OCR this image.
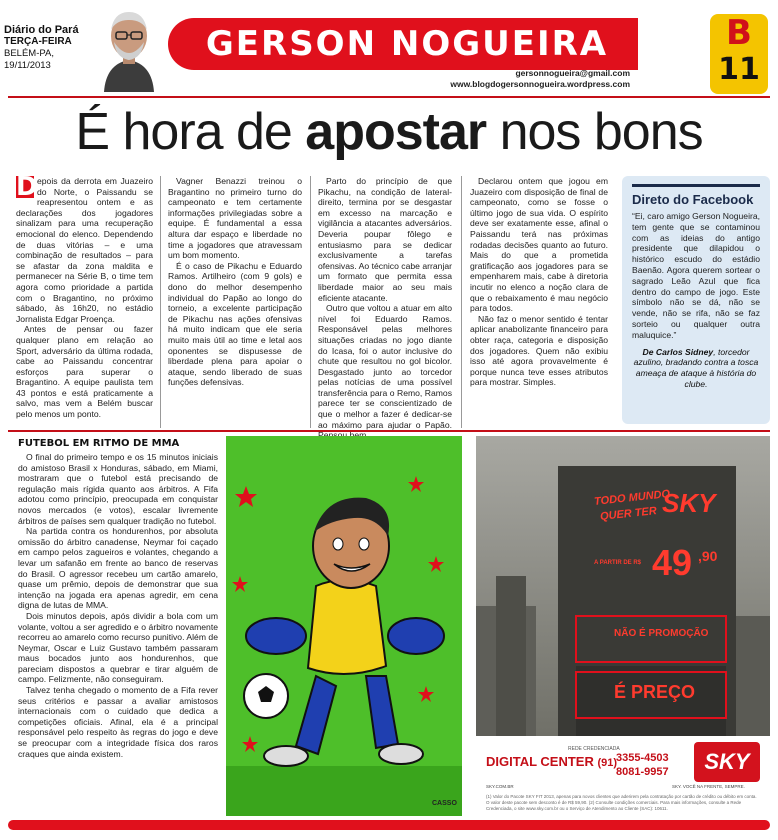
Diário do Pará
TERÇA-FEIRA
BELÉM-PA,
19/11/2013
GERSON NOGUEIRA
gersonnogueira@gmail.com
www.blogdogersonnogueira.wordpress.com
B
11
É hora de apostar nos bons

D epois da derrota em Juazeiro do Norte, o Paissandu se reapresentou ontem e as declarações dos jogadores sinalizam para uma recuperação emocional do elenco. Dependendo de duas vitórias – e uma combinação de resultados – para se afastar da zona maldita e permanecer na Série B, o time tem agora como prioridade a partida com o Bragantino, no próximo sábado, às 16h20, no estádio Jornalista Edgar Proença.

Antes de pensar ou fazer qualquer plano em relação ao Sport, adversário da última rodada, cabe ao Paissandu concentrar esforços para superar o Bragantino. A equipe paulista tem 43 pontos e está praticamente a salvo, mas vem a Belém buscar pelo menos um ponto.

Vagner Benazzi treinou o Bragantino no primeiro turno do campeonato e tem certamente informações privilegiadas sobre a equipe. É fundamental a essa altura dar espaço e liberdade no time a jogadores que atravessam um bom momento.

É o caso de Pikachu e Eduardo Ramos. Artilheiro (com 9 gols) e dono do melhor desempenho individual do Papão ao longo do torneio, a excelente participação de Pikachu nas ações ofensivas há muito indicam que ele seria muito mais útil ao time e letal aos oponentes se dispusesse de liberdade plena para apoiar o ataque, sendo liberado de suas funções defensivas.

Parto do princípio de que Pikachu, na condição de lateral-direito, termina por se desgastar em excesso na marcação e vigilância a atacantes adversários. Deveria poupar fôlego e entusiasmo para se dedicar exclusivamente a tarefas ofensivas. Ao técnico cabe arranjar um formato que permita essa liberdade maior ao seu mais eficiente atacante.

Outro que voltou a atuar em alto nível foi Eduardo Ramos. Responsável pelas melhores situações criadas no jogo diante do Icasa, foi o autor inclusive do chute que resultou no gol bicolor. Desgastado junto ao torcedor pelas notícias de uma possível transferência para o Remo, Ramos parece ter se conscientizado de que o melhor a fazer é dedicar-se ao máximo para ajudar o Papão.

Declarou ontem que jogou em Juazeiro com disposição de final de campeonato, como se fosse o último jogo de sua vida. O espírito deve ser exatamente esse, afinal o Paissandu terá nas próximas rodadas decisões quanto ao futuro. Mais do que a prometida gratificação aos jogadores para se empenharem mais, cabe à diretoria incutir no elenco a noção clara de que o rebaixamento é mau negócio para todos.

Não faz o menor sentido é tentar aplicar anabolizante financeiro para obter raça, categoria e disposição dos jogadores. Quem não exibiu isso até agora provavelmente é porque nunca teve esses atributos para mostrar. Simples.

Direto do Facebook
“Ei, caro amigo Gerson Nogueira, tem gente que se contaminou com as ideias do antigo presidente que dilapidou o histórico escudo do estádio Baenão. Agora querem sortear o sagrado Leão Azul que fica dentro do campo de jogo. Este símbolo não se dá, não se vende, não se rifa, não se faz sorteio ou qualquer outra maluquice.”
De Carlos Sidney, torcedor azulino, bradando contra a tosca ameaça de ataque à história do clube.
FUTEBOL EM RITMO DE MMA

O final do primeiro tempo e os 15 minutos iniciais do amistoso Brasil x Honduras, sábado, em Miami, mostraram que o futebol está precisando de regulação mais rígida quanto aos árbitros. A Fifa adotou como princípio, preocupada em conquistar novos mercados (e votos), escalar livremente árbitros de países sem qualquer tradição no futebol.

Na partida contra os hondurenhos, por absoluta omissão do árbitro canadense, Neymar foi caçado em campo pelos zagueiros e volantes, chegando a levar um safanão em frente ao banco de reservas do Brasil. O agressor recebeu um cartão amarelo, quase um prêmio, depois de demonstrar que sua intenção na jogada era apenas agredir, em cena digna de lutas de MMA.

Dois minutos depois, após dividir a bola com um volante, voltou a ser agredido e o árbitro novamente recorreu ao amarelo como recurso punitivo. Além de Neymar, Oscar e Luiz Gustavo também passaram maus bocados junto aos hondurenhos, que pareciam dispostos a quebrar e tirar alguém de campo. Felizmente, não conseguiram.

Talvez tenha chegado o momento de a Fifa rever seus critérios e passar a avaliar amistosos internacionais com o cuidado que dedica a competições oficiais. Afinal, ela é a principal responsável pelo respeito às regras do jogo e deve se preocupar com a integridade física dos raros craques que ainda existem.

CASSO
TODO MUNDO
QUER TER SKY
A PARTIR DE R$ 49 ,90
NÃO É PROMOÇÃO
É PREÇO
REDE CREDENCIADA
DIGITAL CENTER (91)
3355-4503
8081-9957	SKY
SKY.COM.BR	SKY. VOCÊ NA FRENTE, SEMPRE.
(1) Valor do Pacote SKY FIT 2013, apenas para novos clientes que aderirem pela contratação por cartão de crédito ou débito em conta. O valor deste pacote sem desconto é de R$ 59,90. (2) Consulte condições comerciais. Para mais informações, consulte a Rede Credenciada, o site www.sky.com.br ou o Serviço de Atendimento ao Cliente (SAC): 10611.
